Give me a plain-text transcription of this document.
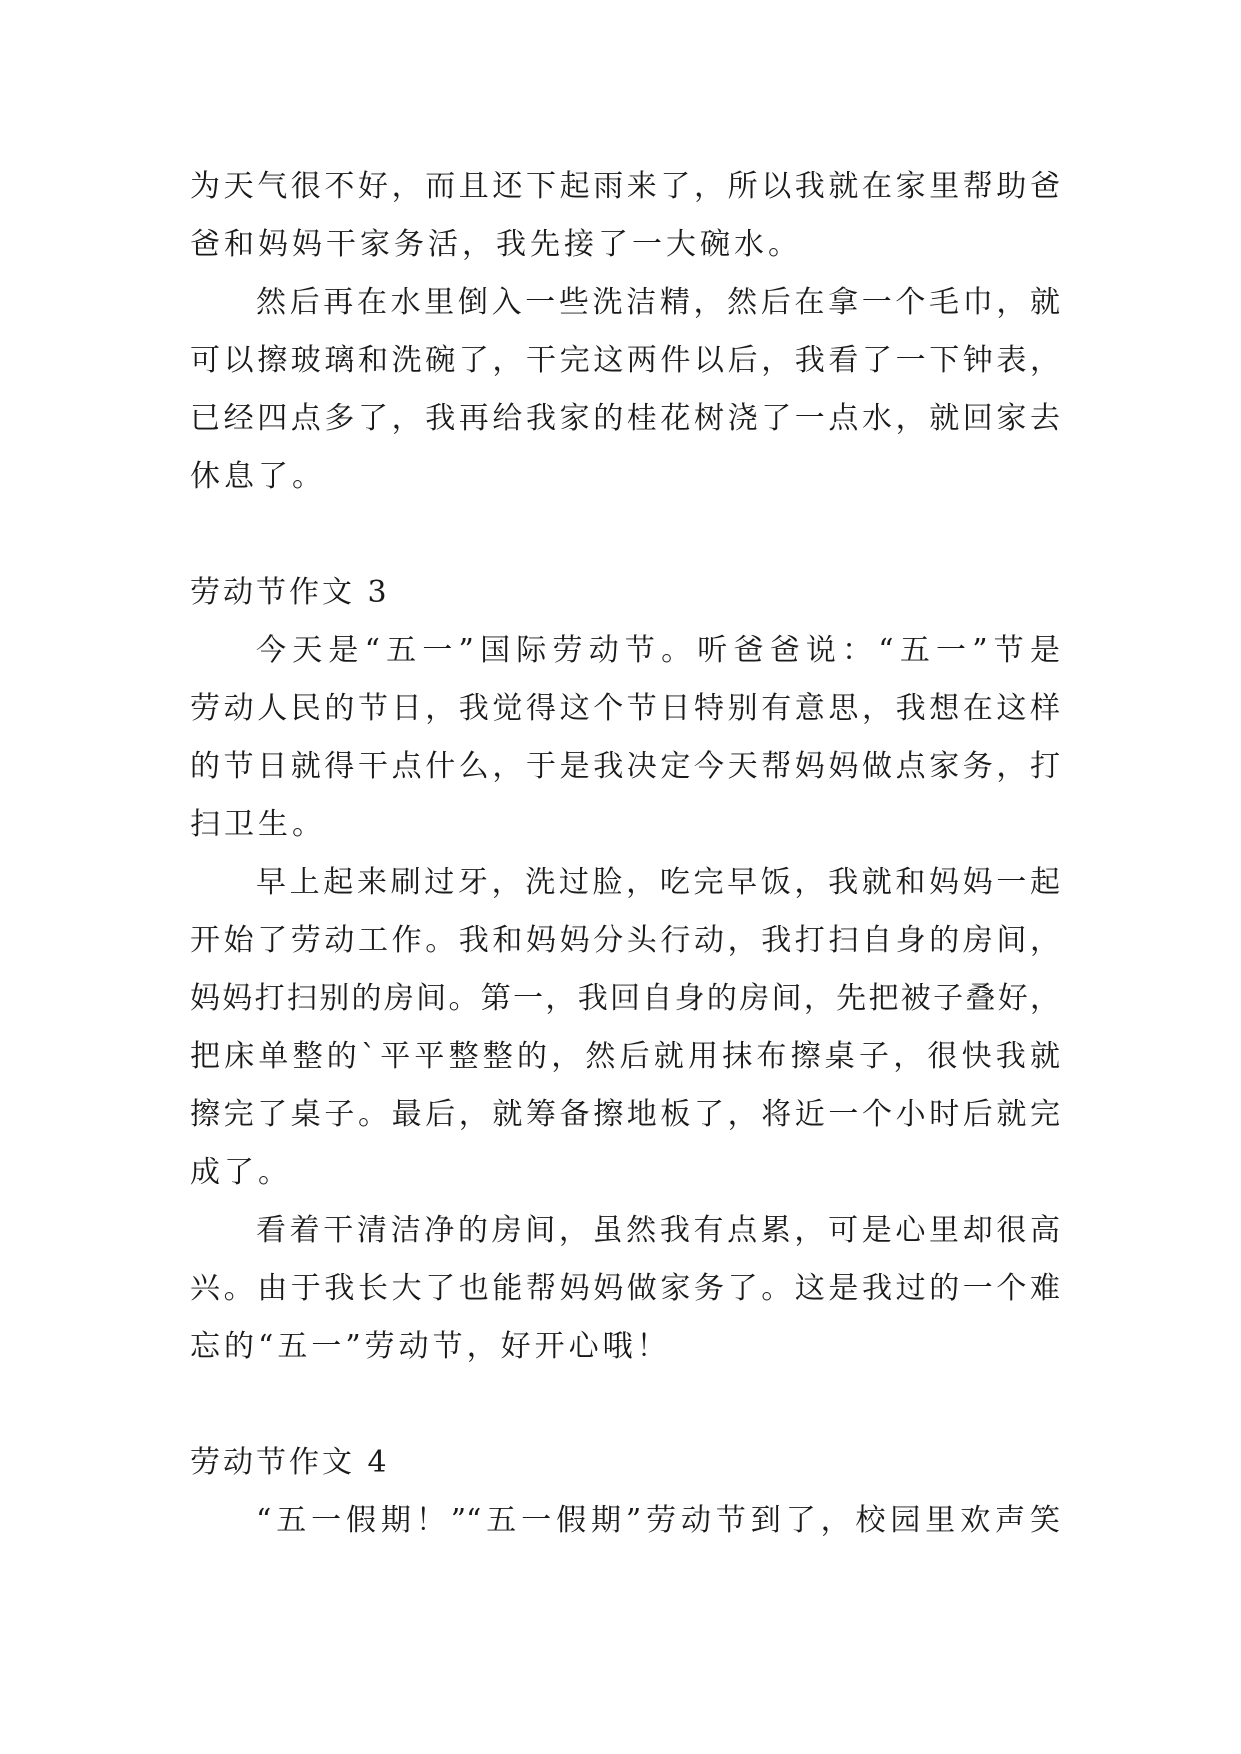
为天气很不好，而且还下起雨来了，所以我就在家里帮助爸
爸和妈妈干家务活，我先接了一大碗水。
然后再在水里倒入一些洗洁精，然后在拿一个毛巾，就
可以擦玻璃和洗碗了，干完这两件以后，我看了一下钟表，
已经四点多了，我再给我家的桂花树浇了一点水，就回家去
休息了。
劳动节作文 3
今天是“五一”国际劳动节。听爸爸说：“五一”节是
劳动人民的节日，我觉得这个节日特别有意思，我想在这样
的节日就得干点什么，于是我决定今天帮妈妈做点家务，打
扫卫生。
早上起来刷过牙，洗过脸，吃完早饭，我就和妈妈一起
开始了劳动工作。我和妈妈分头行动，我打扫自身的房间，
妈妈打扫别的房间。第一，我回自身的房间，先把被子叠好，
把床单整的`平平整整的，然后就用抹布擦桌子，很快我就
擦完了桌子。最后，就筹备擦地板了，将近一个小时后就完
成了。
看着干清洁净的房间，虽然我有点累，可是心里却很高
兴。由于我长大了也能帮妈妈做家务了。这是我过的一个难
忘的“五一”劳动节，好开心哦！
劳动节作文 4
“五一假期！”“五一假期”劳动节到了，校园里欢声笑
